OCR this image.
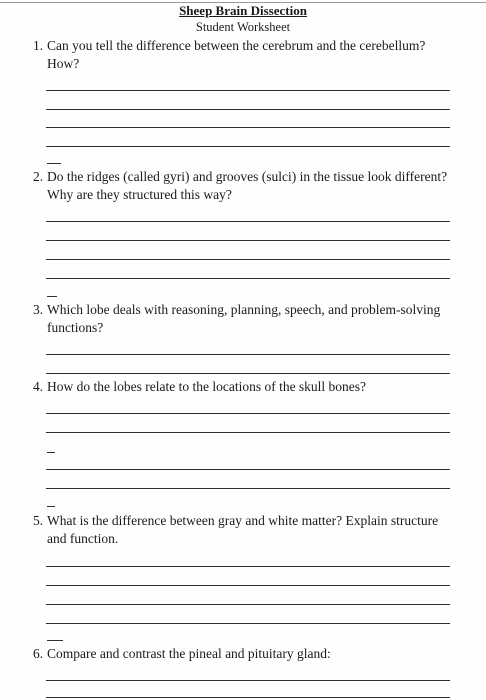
Sheep Brain Dissection
Student Worksheet
1. Can you tell the difference between the cerebrum and the cerebellum? How?
2. Do the ridges (called gyri) and grooves (sulci) in the tissue look different? Why are they structured this way?
3. Which lobe deals with reasoning, planning, speech, and problem-solving functions?
4. How do the lobes relate to the locations of the skull bones?
5. What is the difference between gray and white matter? Explain structure and function.
6. Compare and contrast the pineal and pituitary gland:
